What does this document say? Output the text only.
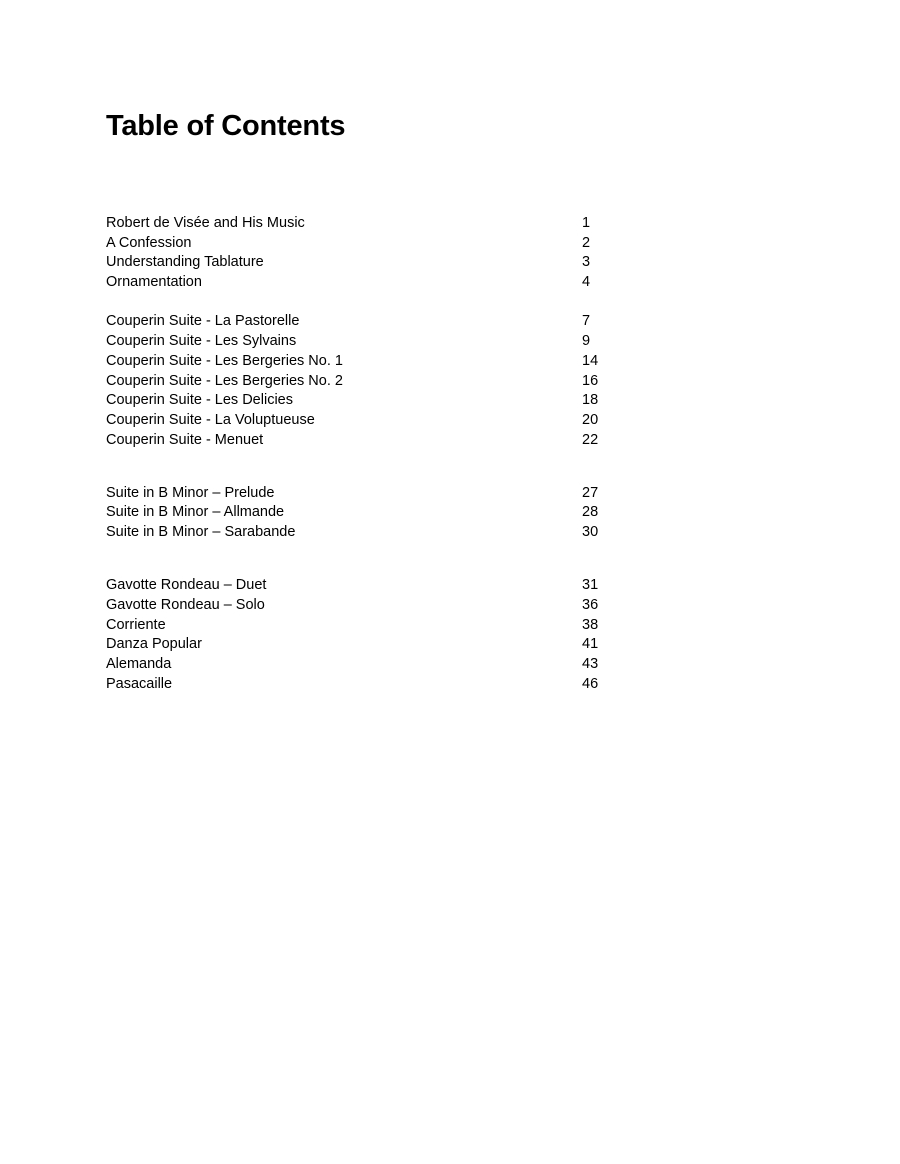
Table of Contents
Robert de Visée and His Music	1
A Confession	2
Understanding Tablature	3
Ornamentation	4
Couperin Suite - La Pastorelle	7
Couperin Suite - Les Sylvains	9
Couperin Suite - Les Bergeries No. 1	14
Couperin Suite - Les Bergeries No. 2	16
Couperin Suite - Les Delicies	18
Couperin Suite - La Voluptueuse	20
Couperin Suite - Menuet	22
Suite in B Minor – Prelude	27
Suite in B Minor – Allmande	28
Suite in B Minor – Sarabande	30
Gavotte Rondeau – Duet	31
Gavotte Rondeau – Solo	36
Corriente	38
Danza Popular	41
Alemanda	43
Pasacaille	46
